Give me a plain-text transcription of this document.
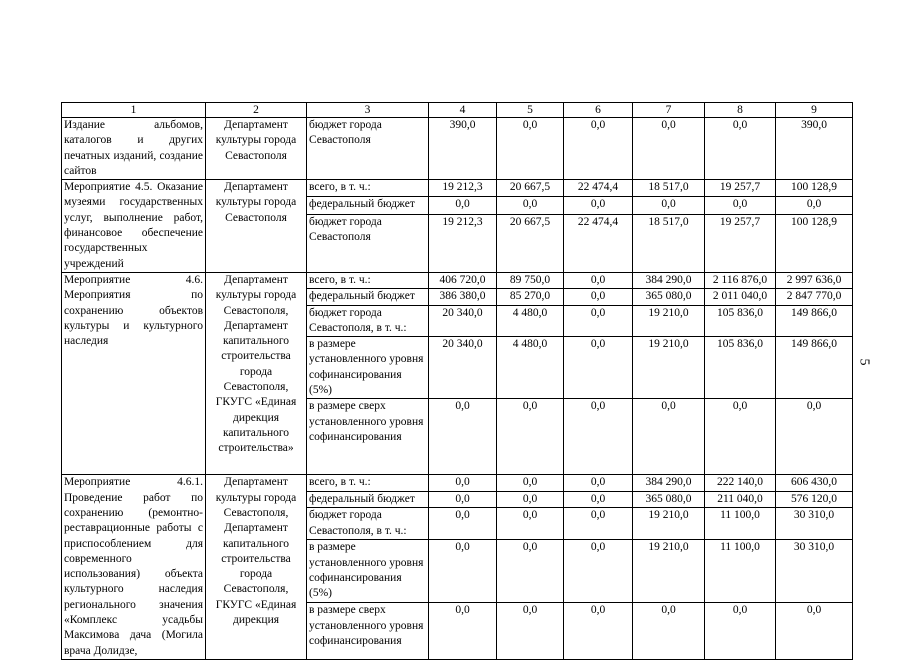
5
1	2	3	4	5	6	7	8	9
Издание альбомов, каталогов и других печатных изданий, создание сайтов	Департамент культуры города Севастополя	бюджет города Севастополя	390,0	0,0	0,0	0,0	0,0	390,0
Мероприятие 4.5. Оказание музеями государственных услуг, выполнение работ, финансовое обеспечение государственных учреждений	Департамент культуры города Севастополя	всего, в т. ч.:	19 212,3	20 667,5	22 474,4	18 517,0	19 257,7	100 128,9
		федеральный бюджет	0,0	0,0	0,0	0,0	0,0	0,0
		бюджет города Севастополя	19 212,3	20 667,5	22 474,4	18 517,0	19 257,7	100 128,9
Мероприятие 4.6. Мероприятия по сохранению объектов культуры и культурного наследия	Департамент культуры города Севастополя, Департамент капитального строительства города Севастополя, ГКУГС «Единая дирекция капитального строительства»	всего, в т. ч.:	406 720,0	89 750,0	0,0	384 290,0	2 116 876,0	2 997 636,0
		федеральный бюджет	386 380,0	85 270,0	0,0	365 080,0	2 011 040,0	2 847 770,0
		бюджет города Севастополя, в т. ч.:	20 340,0	4 480,0	0,0	19 210,0	105 836,0	149 866,0
		в размере установленного уровня софинансирования (5%)	20 340,0	4 480,0	0,0	19 210,0	105 836,0	149 866,0
		в размере сверх установленного уровня софинансирования	0,0	0,0	0,0	0,0	0,0	0,0
Мероприятие 4.6.1. Проведение работ по сохранению (ремонтно-реставрационные работы с приспособлением для современного использования) объекта культурного наследия регионального значения «Комплекс усадьбы Максимова дача (Могила врача Долидзе,	Департамент культуры города Севастополя, Департамент капитального строительства города Севастополя, ГКУГС «Единая дирекция	всего, в т. ч.:	0,0	0,0	0,0	384 290,0	222 140,0	606 430,0
		федеральный бюджет	0,0	0,0	0,0	365 080,0	211 040,0	576 120,0
		бюджет города Севастополя, в т. ч.:	0,0	0,0	0,0	19 210,0	11 100,0	30 310,0
		в размере установленного уровня софинансирования (5%)	0,0	0,0	0,0	19 210,0	11 100,0	30 310,0
		в размере сверх установленного уровня софинансирования	0,0	0,0	0,0	0,0	0,0	0,0
